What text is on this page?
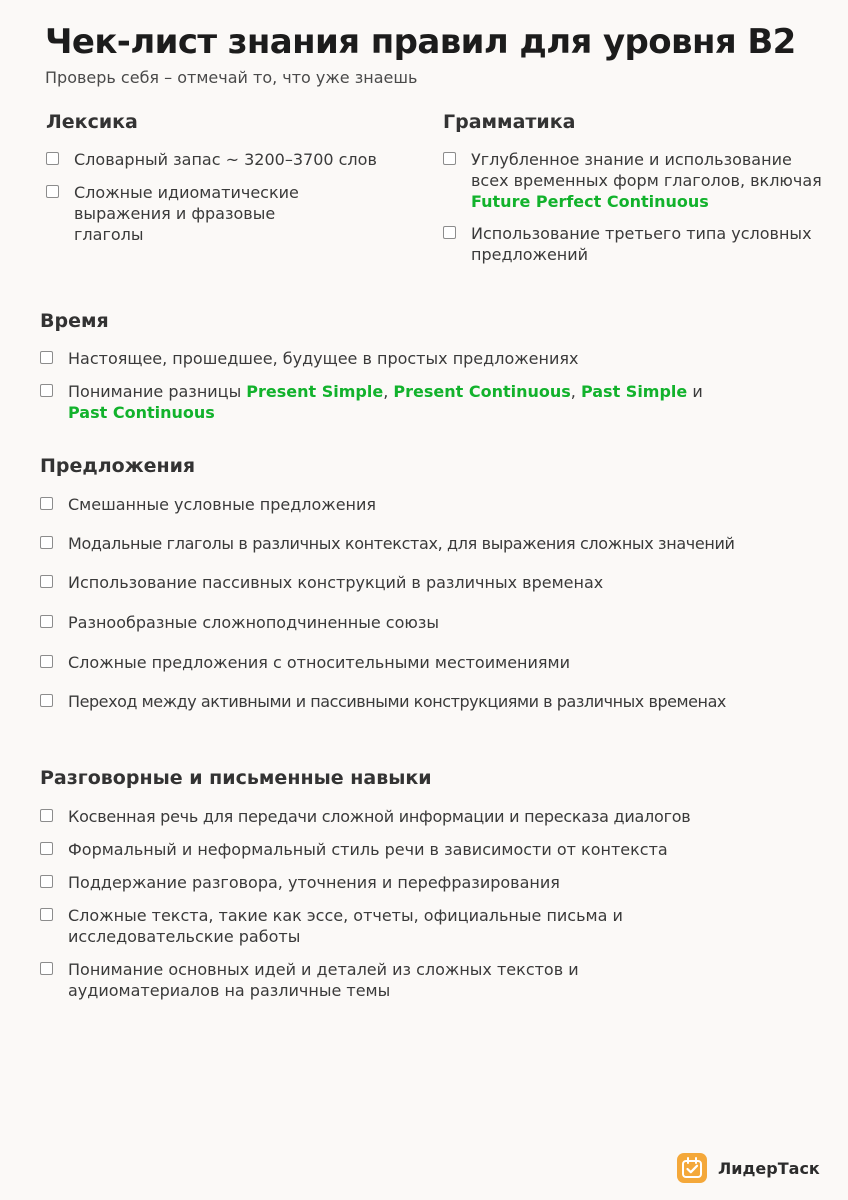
Чек-лист знания правил для уровня B2
Проверь себя – отмечай то, что уже знаешь
Лексика
Словарный запас ~ 3200–3700 слов
Сложные идиоматические выражения и фразовые глаголы
Грамматика
Углубленное знание и использование всех временных форм глаголов, включая Future Perfect Continuous
Использование третьего типа условных предложений
Время
Настоящее, прошедшее, будущее в простых предложениях
Понимание разницы Present Simple, Present Continuous, Past Simple и
Past Continuous
Предложения
Смешанные условные предложения
Модальные глаголы в различных контекстах, для выражения сложных значений
Использование пассивных конструкций в различных временах
Разнообразные сложноподчиненные союзы
Сложные предложения с относительными местоимениями
Переход между активными и пассивными конструкциями в различных временах
Разговорные и письменные навыки
Косвенная речь для передачи сложной информации и пересказа диалогов
Формальный и неформальный стиль речи в зависимости от контекста
Поддержание разговора, уточнения и перефразирования
Сложные текста, такие как эссе, отчеты, официальные письма и исследовательские работы
Понимание основных идей и деталей из сложных текстов и аудиоматериалов на различные темы
ЛидерТаск
